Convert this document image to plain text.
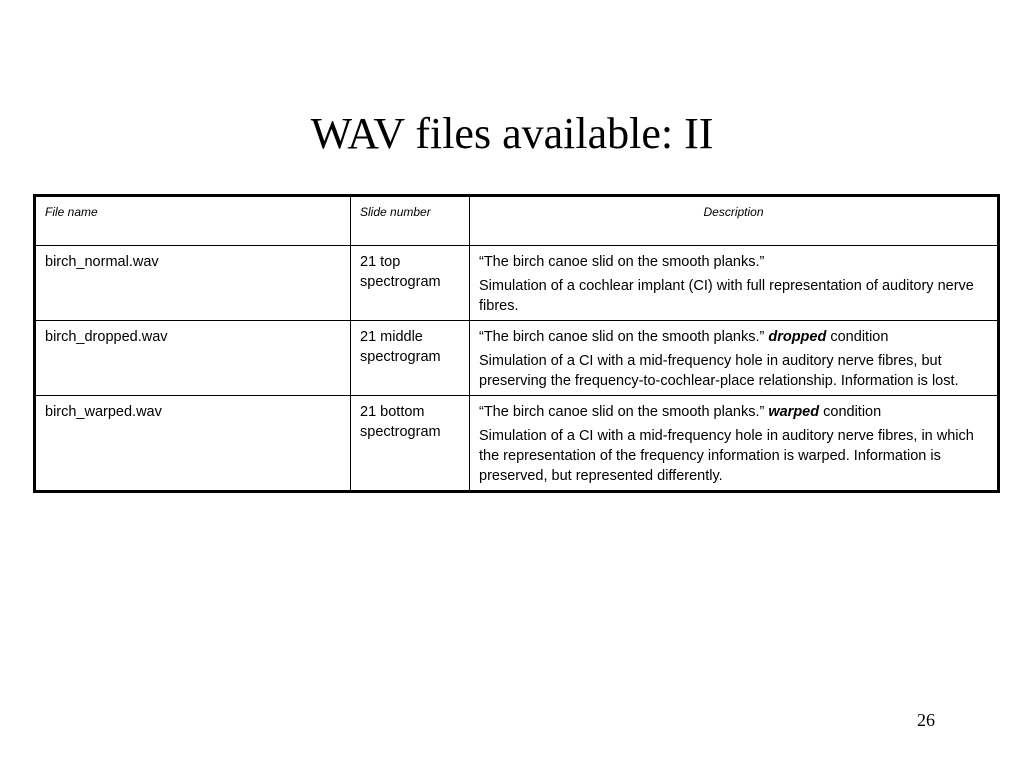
WAV files available: II
File name	Slide number	Description
birch_normal.wav	21 top spectrogram	“The birch canoe slid on the smooth planks.”
Simulation of a cochlear implant (CI) with full representation of auditory nerve fibres.

birch_dropped.wav	21 middle spectrogram	“The birch canoe slid on the smooth planks.” dropped condition
Simulation of a CI with a mid-frequency hole in auditory nerve fibres, but preserving the frequency-to-cochlear-place relationship. Information is lost.

birch_warped.wav	21 bottom spectrogram	“The birch canoe slid on the smooth planks.” warped condition
Simulation of a CI with a mid-frequency hole in auditory nerve fibres, in which the representation of the frequency information is warped. Information is preserved, but represented differently.
26
